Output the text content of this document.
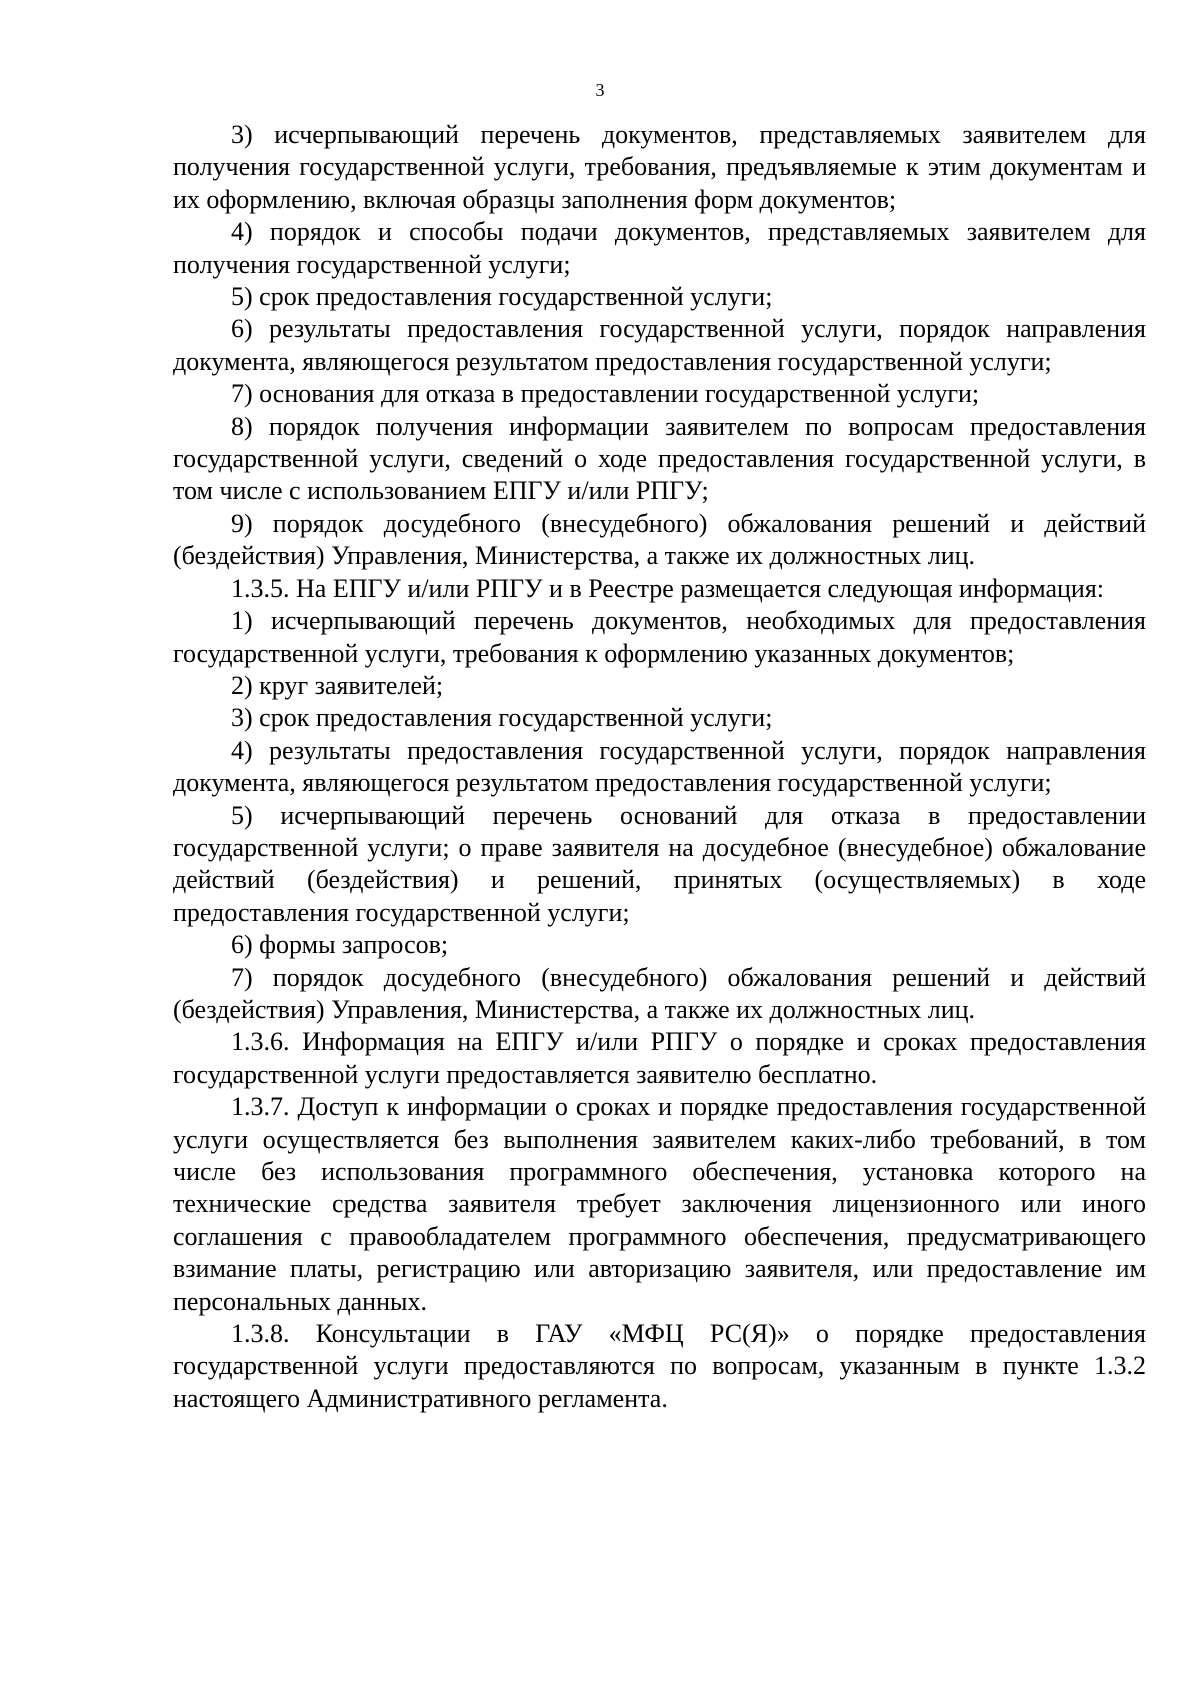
3

3) исчерпывающий перечень документов, представляемых заявителем для получения государственной услуги, требования, предъявляемые к этим документам и их оформлению, включая образцы заполнения форм документов;

4) порядок и способы подачи документов, представляемых заявителем для получения государственной услуги;

5) срок предоставления государственной услуги;

6) результаты предоставления государственной услуги, порядок направления документа, являющегося результатом предоставления государственной услуги;

7) основания для отказа в предоставлении государственной услуги;

8) порядок получения информации заявителем по вопросам предоставления государственной услуги, сведений о ходе предоставления государственной услуги, в том числе с использованием ЕПГУ и/или РПГУ;

9) порядок досудебного (внесудебного) обжалования решений и действий (бездействия) Управления, Министерства, а также их должностных лиц.

1.3.5. На ЕПГУ и/или РПГУ и в Реестре размещается следующая информация:

1) исчерпывающий перечень документов, необходимых для предоставления государственной услуги, требования к оформлению указанных документов;

2) круг заявителей;

3) срок предоставления государственной услуги;

4) результаты предоставления государственной услуги, порядок направления документа, являющегося результатом предоставления государственной услуги;

5) исчерпывающий перечень оснований для отказа в предоставлении государственной услуги; о праве заявителя на досудебное (внесудебное) обжалование действий (бездействия) и решений, принятых (осуществляемых) в ходе предоставления государственной услуги;

6) формы запросов;

7) порядок досудебного (внесудебного) обжалования решений и действий (бездействия) Управления, Министерства, а также их должностных лиц.

1.3.6. Информация на ЕПГУ и/или РПГУ о порядке и сроках предоставления государственной услуги предоставляется заявителю бесплатно.

1.3.7. Доступ к информации о сроках и порядке предоставления государственной услуги осуществляется без выполнения заявителем каких-либо требований, в том числе без использования программного обеспечения, установка которого на технические средства заявителя требует заключения лицензионного или иного соглашения с правообладателем программного обеспечения, предусматривающего взимание платы, регистрацию или авторизацию заявителя, или предоставление им персональных данных.

1.3.8. Консультации в ГАУ «МФЦ РС(Я)» о порядке предоставления государственной услуги предоставляются по вопросам, указанным в пункте 1.3.2 настоящего Административного регламента.
